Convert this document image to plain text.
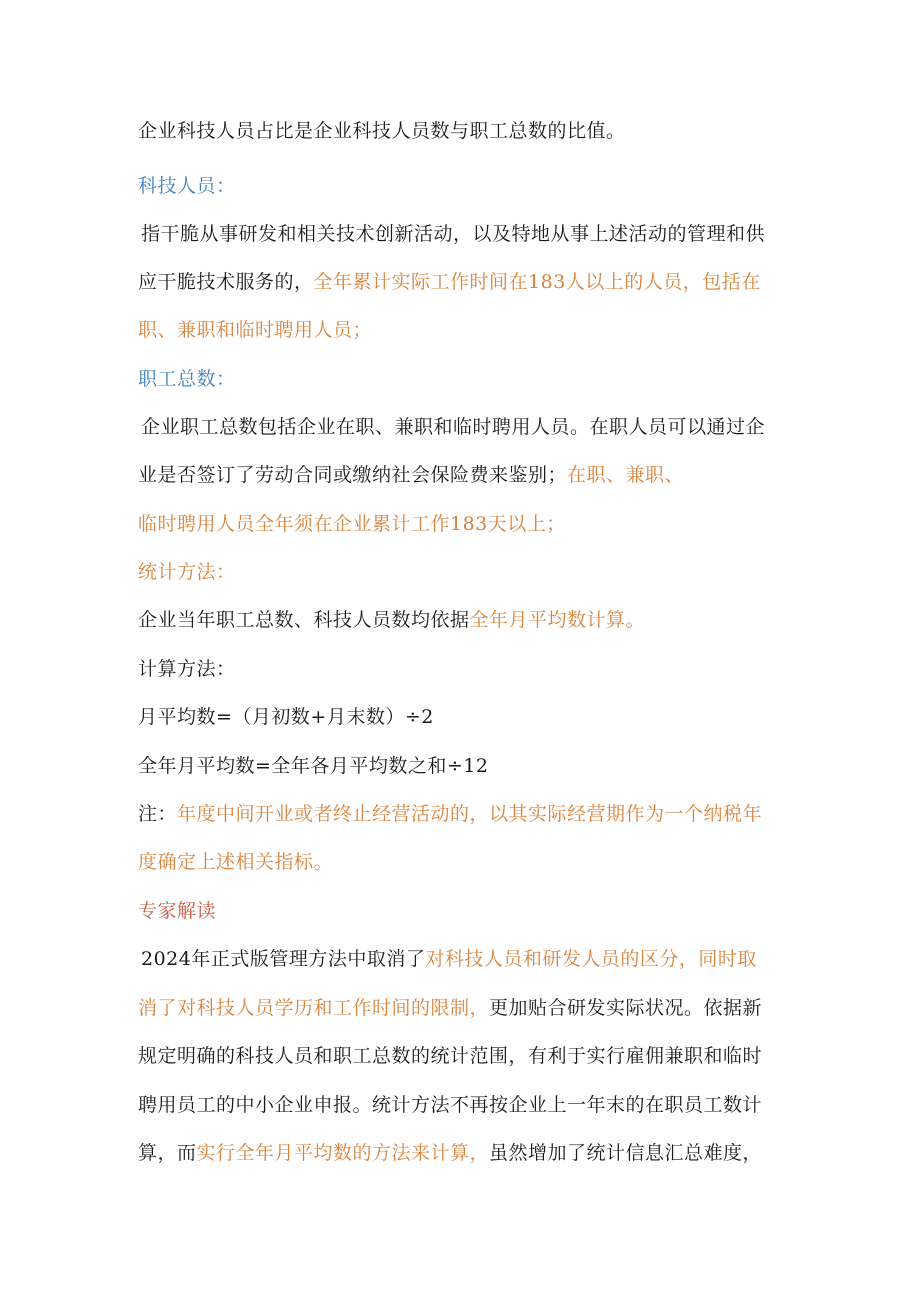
企业科技人员占比是企业科技人员数与职工总数的比值。
科技人员：
指干脆从事研发和相关技术创新活动，以及特地从事上述活动的管理和供
应干脆技术服务的，全年累计实际工作时间在183人以上的人员，包括在
职、兼职和临时聘用人员；
职工总数：
企业职工总数包括企业在职、兼职和临时聘用人员。在职人员可以通过企
业是否签订了劳动合同或缴纳社会保险费来鉴别；在职、兼职、
临时聘用人员全年须在企业累计工作183天以上；
统计方法：
企业当年职工总数、科技人员数均依据全年月平均数计算。
计算方法：
月平均数=（月初数+月末数）÷2
全年月平均数=全年各月平均数之和÷12
注：年度中间开业或者终止经营活动的，以其实际经营期作为一个纳税年
度确定上述相关指标。
专家解读
2024年正式版管理方法中取消了对科技人员和研发人员的区分，同时取
消了对科技人员学历和工作时间的限制，更加贴合研发实际状况。依据新
规定明确的科技人员和职工总数的统计范围，有利于实行雇佣兼职和临时
聘用员工的中小企业申报。统计方法不再按企业上一年末的在职员工数计
算，而实行全年月平均数的方法来计算，虽然增加了统计信息汇总难度，
